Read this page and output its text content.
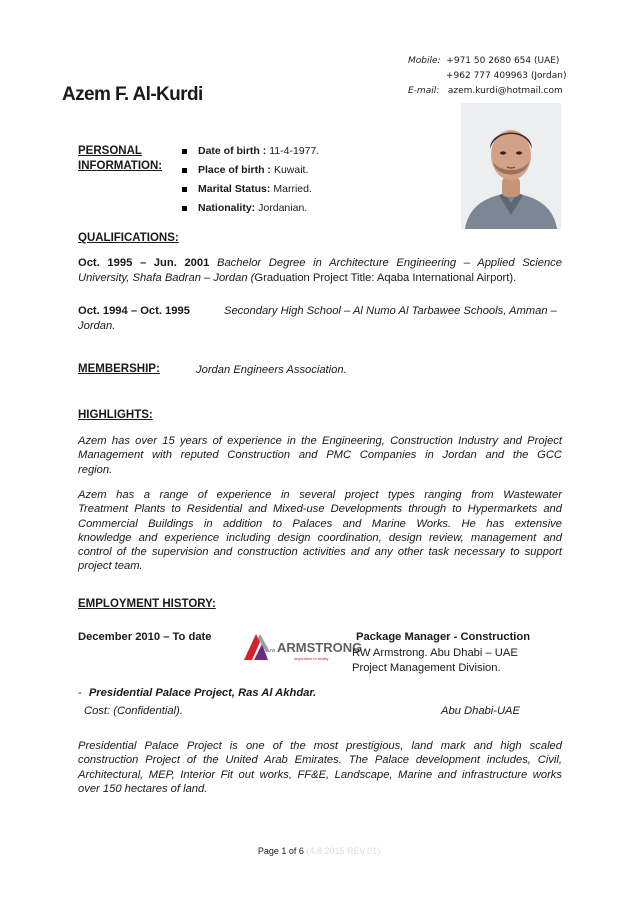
Mobile: +971 50 2680 654 (UAE)
+962 777 409963 (Jordan)
E-mail: azem.kurdi@hotmail.com
Azem F. Al-Kurdi
PERSONAL
INFORMATION:
Date of birth : 11-4-1977.
Place of birth : Kuwait.
Marital Status: Married.
Nationality: Jordanian.
QUALIFICATIONS:
Oct. 1995 – Jun. 2001 Bachelor Degree in Architecture Engineering – Applied Science
University, Shafa Badran – Jordan (Graduation Project Title: Aqaba International Airport).
Oct. 1994 – Oct. 1995	Secondary High School – Al Numo Al Tarbawee Schools, Amman –
Jordan.
MEMBERSHIP:	Jordan Engineers Association.
HIGHLIGHTS:
Azem has over 15 years of experience in the Engineering, Construction Industry and Project
Management with reputed Construction and PMC Companies in Jordan and the GCC
region.
Azem has a range of experience in several project types ranging from Wastewater
Treatment Plants to Residential and Mixed-use Developments through to Hypermarkets and
Commercial Buildings in addition to Palaces and Marine Works. He has extensive
knowledge and experience including design coordination, design review, management and
control of the supervision and construction activities and any other task necessary to support
project team.
EMPLOYMENT HISTORY:
December 2010 – To date
rw ARMSTRONG
inspiration to reality
Package Manager - Construction
RW Armstrong. Abu Dhabi – UAE
Project Management Division.
- Presidential Palace Project, Ras Al Akhdar.
Cost: (Confidential).	Abu Dhabi-UAE
Presidential Palace Project is one of the most prestigious, land mark and high scaled
construction Project of the United Arab Emirates. The Palace development includes, Civil,
Architectural, MEP, Interior Fit out works, FF&E, Landscape, Marine and infrastructure works
over 150 hectares of land.
Page 1 of 6 (4.8.2015 REV.01)
